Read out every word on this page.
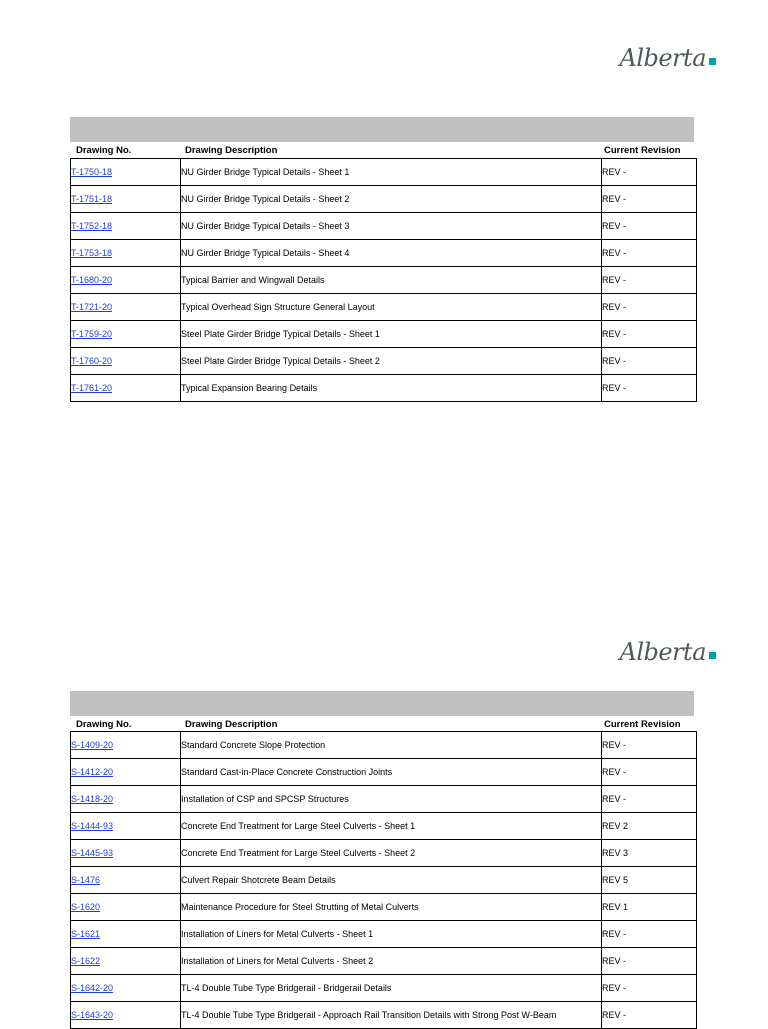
Alberta
Drawing No.	Drawing Description	Current Revision
T-1750-18	NU Girder Bridge Typical Details - Sheet 1	REV -
T-1751-18	NU Girder Bridge Typical Details - Sheet 2	REV -
T-1752-18	NU Girder Bridge Typical Details - Sheet 3	REV -
T-1753-18	NU Girder Bridge Typical Details - Sheet 4	REV -
T-1680-20	Typical Barrier and Wingwall Details	REV -
T-1721-20	Typical Overhead Sign Structure General Layout	REV -
T-1759-20	Steel Plate Girder Bridge Typical Details - Sheet 1	REV -
T-1760-20	Steel Plate Girder Bridge Typical Details - Sheet 2	REV -
T-1761-20	Typical Expansion Bearing Details	REV -
Alberta
Drawing No.	Drawing Description	Current Revision
S-1409-20	Standard Concrete Slope Protection	REV -
S-1412-20	Standard Cast-in-Place Concrete Construction Joints	REV -
S-1418-20	Installation of CSP and SPCSP Structures	REV -
S-1444-93	Concrete End Treatment for Large Steel Culverts - Sheet 1	REV 2
S-1445-93	Concrete End Treatment for Large Steel Culverts - Sheet 2	REV 3
S-1476	Culvert Repair Shotcrete Beam Details	REV 5
S-1620	Maintenance Procedure for Steel Strutting of Metal Culverts	REV 1
S-1621	Installation of Liners for Metal Culverts - Sheet 1	REV -
S-1622	Installation of Liners for Metal Culverts - Sheet 2	REV -
S-1642-20	TL-4 Double Tube Type Bridgerail - Bridgerail Details	REV -
S-1643-20	TL-4 Double Tube Type Bridgerail - Approach Rail Transition Details with Strong Post W-Beam	REV -
